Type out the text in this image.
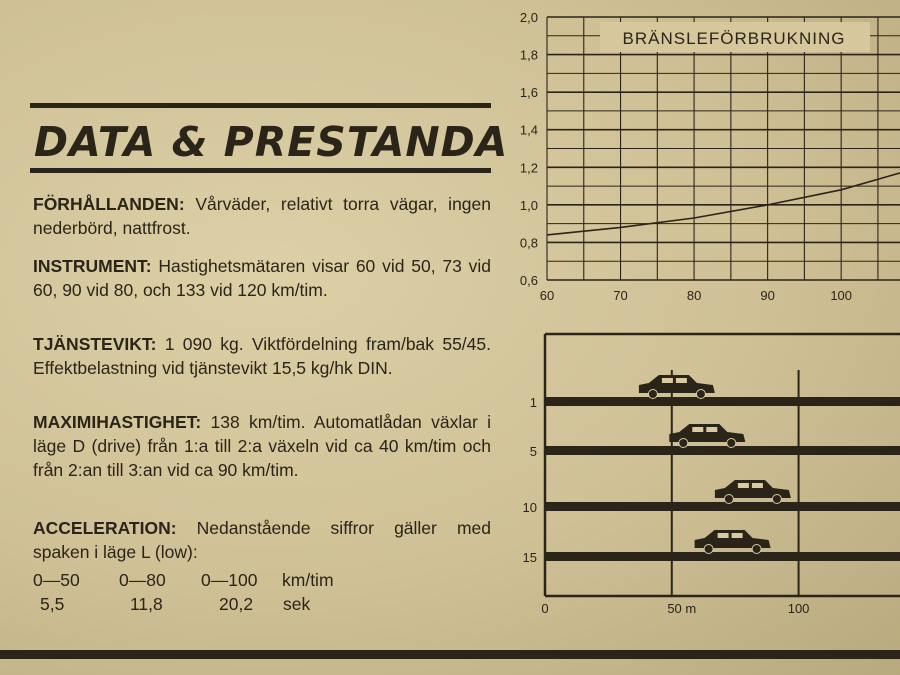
DATA & PRESTANDA

FÖRHÅLLANDEN: Vårväder, relativt torra vägar, ingen nederbörd, nattfrost.

INSTRUMENT: Hastighetsmätaren visar 60 vid 50, 73 vid 60, 90 vid 80, och 133 vid 120 km/tim.

TJÄNSTEVIKT: 1 090 kg. Viktfördelning fram/bak 55/45. Effektbelastning vid tjänstevikt 15,5 kg/hk DIN.

MAXIMIHASTIGHET: 138 km/tim. Automatlådan växlar i läge D (drive) från 1:a till 2:a växeln vid ca 40 km/tim och från 2:an till 3:an vid ca 90 km/tim.

ACCELERATION: Nedanstående siffror gäller med spaken i läge L (low):

0—50 0—80 0—100 km/tim
5,5	11,8	20,2 sek
BRÄNSLEFÖRBRUKNING
0,6
0,8
1,0
1,2
1,4
1,6
1,8
2,0
60	70	80	90	100
1
5
10
15
0	50 m	100
